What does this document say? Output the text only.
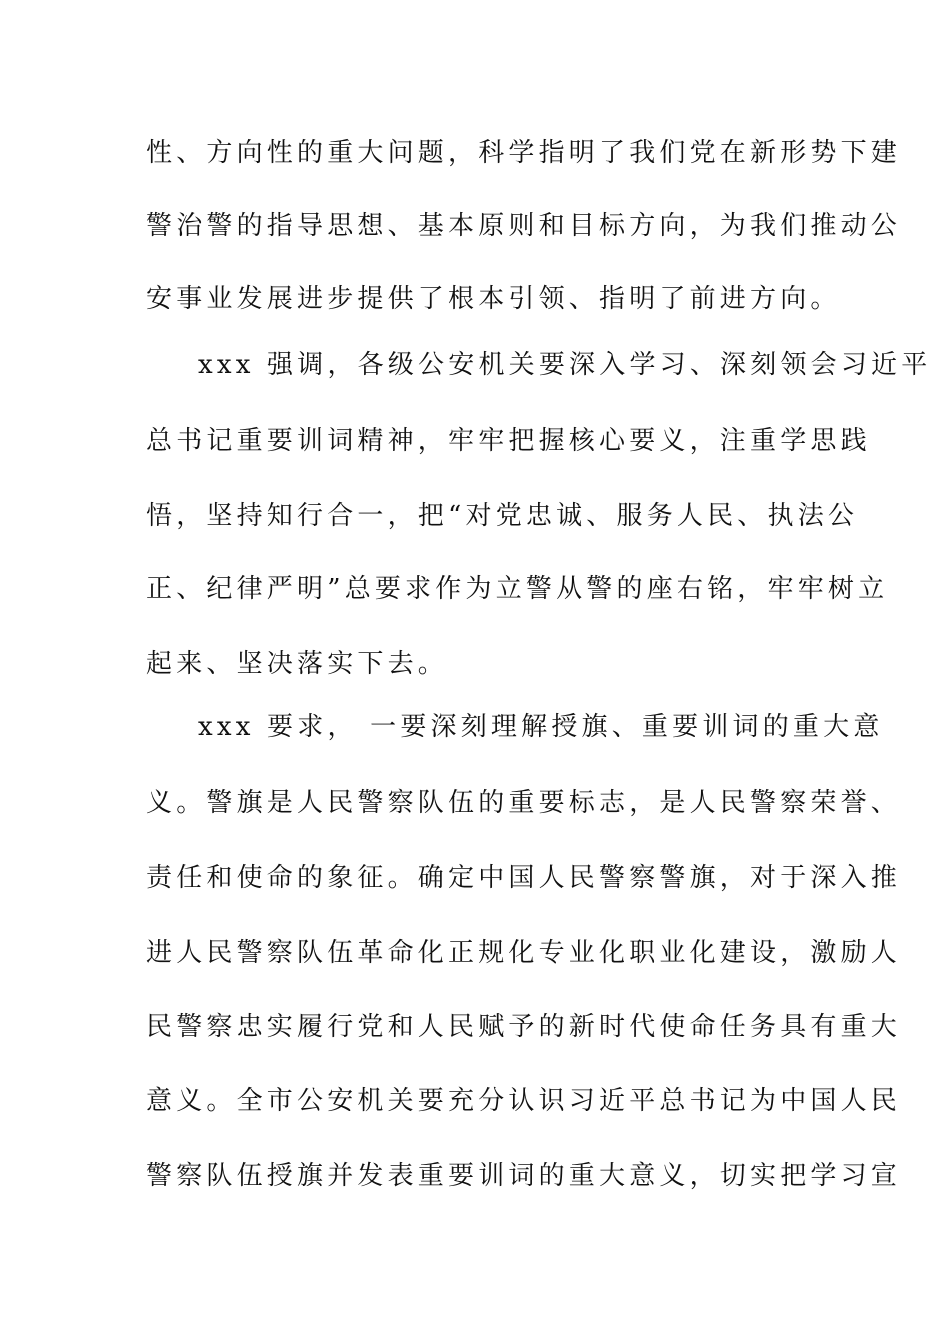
性、方向性的重大问题，科学指明了我们党在新形势下建
警治警的指导思想、基本原则和目标方向，为我们推动公
安事业发展进步提供了根本引领、指明了前进方向。
xxx 强调，各级公安机关要深入学习、深刻领会习近平
总书记重要训词精神，牢牢把握核心要义，注重学思践
悟，坚持知行合一，把“对党忠诚、服务人民、执法公
正、纪律严明”总要求作为立警从警的座右铭，牢牢树立
起来、坚决落实下去。
xxx 要求， 一要深刻理解授旗、重要训词的重大意
义。警旗是人民警察队伍的重要标志，是人民警察荣誉、
责任和使命的象征。确定中国人民警察警旗，对于深入推
进人民警察队伍革命化正规化专业化职业化建设，激励人
民警察忠实履行党和人民赋予的新时代使命任务具有重大
意义。全市公安机关要充分认识习近平总书记为中国人民
警察队伍授旗并发表重要训词的重大意义，切实把学习宣
